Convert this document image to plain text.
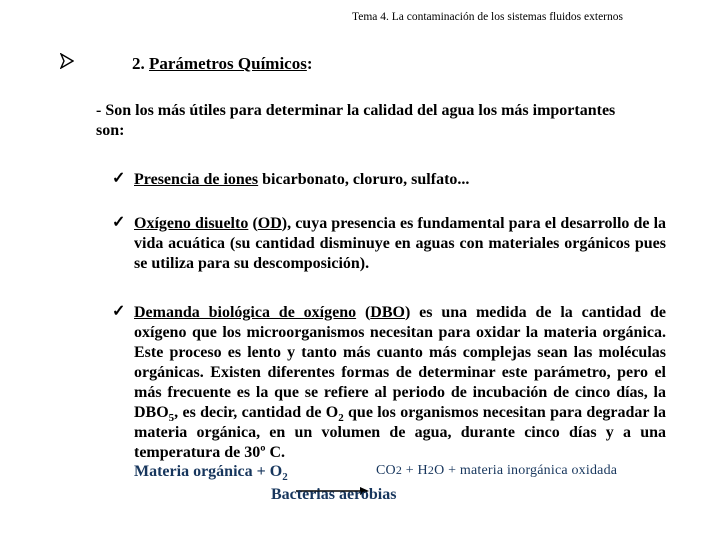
Tema 4. La contaminación de los sistemas fluidos externos
2. Parámetros Químicos:
- Son los más útiles para determinar la calidad del agua los más importantes son:
✓ Presencia de iones bicarbonato, cloruro, sulfato...
✓ Oxígeno disuelto (OD), cuya presencia es fundamental para el desarrollo de la vida acuática (su cantidad disminuye en aguas con materiales orgánicos pues se utiliza para su descomposición).
✓ Demanda biológica de oxígeno (DBO) es una medida de la cantidad de oxígeno que los microorganismos necesitan para oxidar la materia orgánica. Este proceso es lento y tanto más cuanto más complejas sean las moléculas orgánicas. Existen diferentes formas de determinar este parámetro, pero el más frecuente es la que se refiere al periodo de incubación de cinco días, la $DBO_5$, es decir, cantidad de $O_2$ que los organismos necesitan para degradar la materia orgánica, en un volumen de agua, durante cinco días y a una temperatura de 30º C.
Materia orgánica + $O_2$	CO2 + H2O + materia inorgánica oxidada
Bacterias aerobias
